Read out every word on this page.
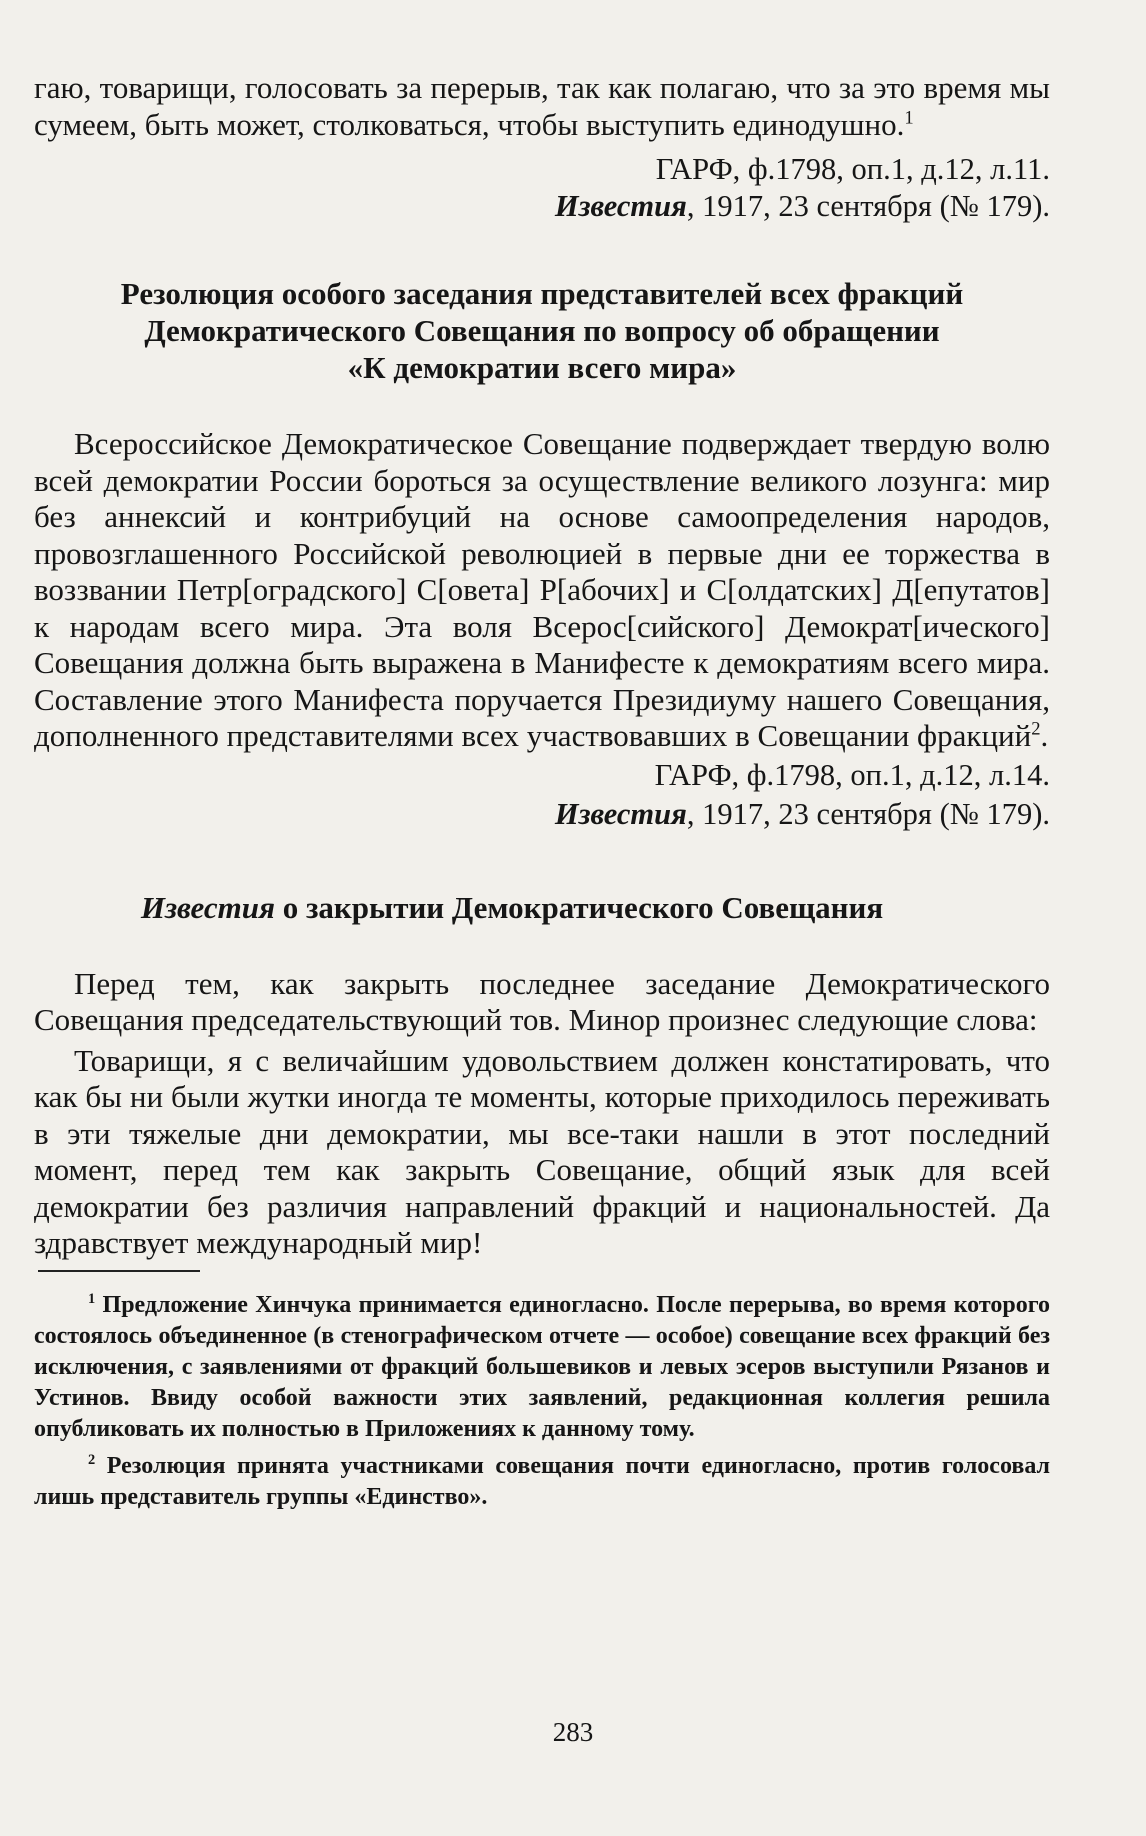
гаю, товарищи, голосовать за перерыв, так как полагаю, что за это время мы сумеем, быть может, столковаться, чтобы выступить единодушно.$^1$

ГАРФ, ф.1798, оп.1, д.12, л.11.

Известия, 1917, 23 сентября (№ 179).

Резолюция особого заседания представителей всех фракций

Демократического Совещания по вопросу об обращении

«К демократии всего мира»

Всероссийское Демократическое Совещание подверждает твердую волю всей демократии России бороться за осуществление великого лозунга: мир без аннексий и контрибуций на основе самоопределения народов, провозглашенного Российской революцией в первые дни ее торжества в воззвании Петр[оградского] С[овета] Р[абочих] и С[олдатских] Д[епутатов] к народам всего мира. Эта воля Всерос[сийского] Демократ[ического] Совещания должна быть выражена в Манифесте к демократиям всего мира. Составление этого Манифеста поручается Президиуму нашего Совещания, дополненного представителями всех участвовавших в Совещании фракций$^2$.

ГАРФ, ф.1798, оп.1, д.12, л.14.

Известия, 1917, 23 сентября (№ 179).

Известия о закрытии Демократического Совещания

Перед тем, как закрыть последнее заседание Демократического Совещания председательствующий тов. Минор произнес следующие слова:

Товарищи, я с величайшим удовольствием должен констатировать, что как бы ни были жутки иногда те моменты, которые приходилось переживать в эти тяжелые дни демократии, мы все-таки нашли в этот последний момент, перед тем как закрыть Совещание, общий язык для всей демократии без различия направлений фракций и национальностей. Да здравствует международный мир!

$^1$ Предложение Хинчука принимается единогласно. После перерыва, во время которого состоялось объединенное (в стенографическом отчете — особое) совещание всех фракций без исключения, с заявлениями от фракций большевиков и левых эсеров выступили Рязанов и Устинов. Ввиду особой важности этих заявлений, редакционная коллегия решила опубликовать их полностью в Приложениях к данному тому.

$^2$ Резолюция принята участниками совещания почти единогласно, против голосовал лишь представитель группы «Единство».

283
